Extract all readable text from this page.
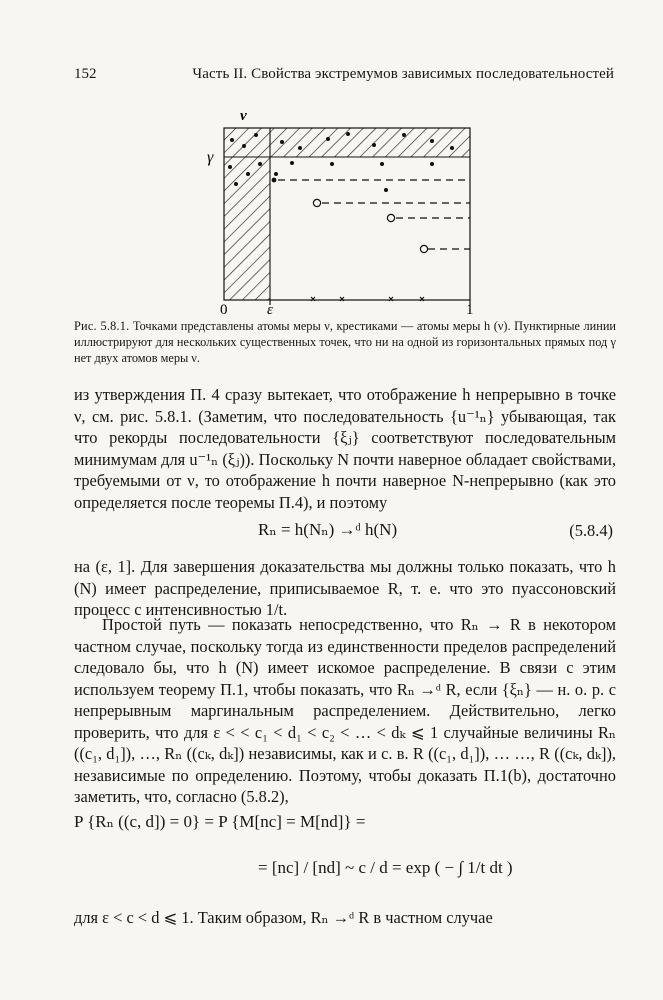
152	Часть II. Свойства экстремумов зависимых последовательностей
ν
γ
0	ε	1
Рис. 5.8.1. Точками представлены атомы меры ν, крестиками — атомы меры h (ν). Пунктирные линии иллюстрируют для нескольких существенных точек, что ни на одной из горизонтальных прямых под γ нет двух атомов меры ν.
из утверждения П. 4 сразу вытекает, что отображение h непрерывно в точке ν, см. рис. 5.8.1. (Заметим, что последовательность {u⁻¹ₙ} убывающая, так что рекорды последовательности {ξⱼ} соответствуют последовательным минимумам для u⁻¹ₙ (ξⱼ)). Поскольку N почти наверное обладает свойствами, требуемыми от ν, то отображение h почти наверное N-непрерывно (как это определяется после теоремы П.4), и поэтому
Rₙ = h(Nₙ) →ᵈ h(N)	(5.8.4)
на (ε, 1]. Для завершения доказательства мы должны только показать, что h (N) имеет распределение, приписываемое R, т. е. что это пуассоновский процесс с интенсивностью 1/t.
Простой путь — показать непосредственно, что Rₙ → R в некотором частном случае, поскольку тогда из единственности пределов распределений следовало бы, что h (N) имеет искомое распределение. В связи с этим используем теорему П.1, чтобы показать, что Rₙ →ᵈ R, если {ξₙ} — н. о. р. с непрерывным маргинальным распределением. Действительно, легко проверить, что для ε < < c₁ < d₁ < c₂ < … < dₖ ⩽ 1 случайные величины Rₙ ((c₁, d₁]), …, Rₙ ((cₖ, dₖ]) независимы, как и с. в. R ((c₁, d₁]), … …, R ((cₖ, dₖ]), независимые по определению. Поэтому, чтобы доказать П.1(b), достаточно заметить, что, согласно (5.8.2),
P {Rₙ ((c, d]) = 0} = P {M[nc] = M[nd]} =
= [nc] / [nd] ~ c / d = exp ( − ∫ 1/t dt )
для ε < c < d ⩽ 1. Таким образом, Rₙ →ᵈ R в частном случае
